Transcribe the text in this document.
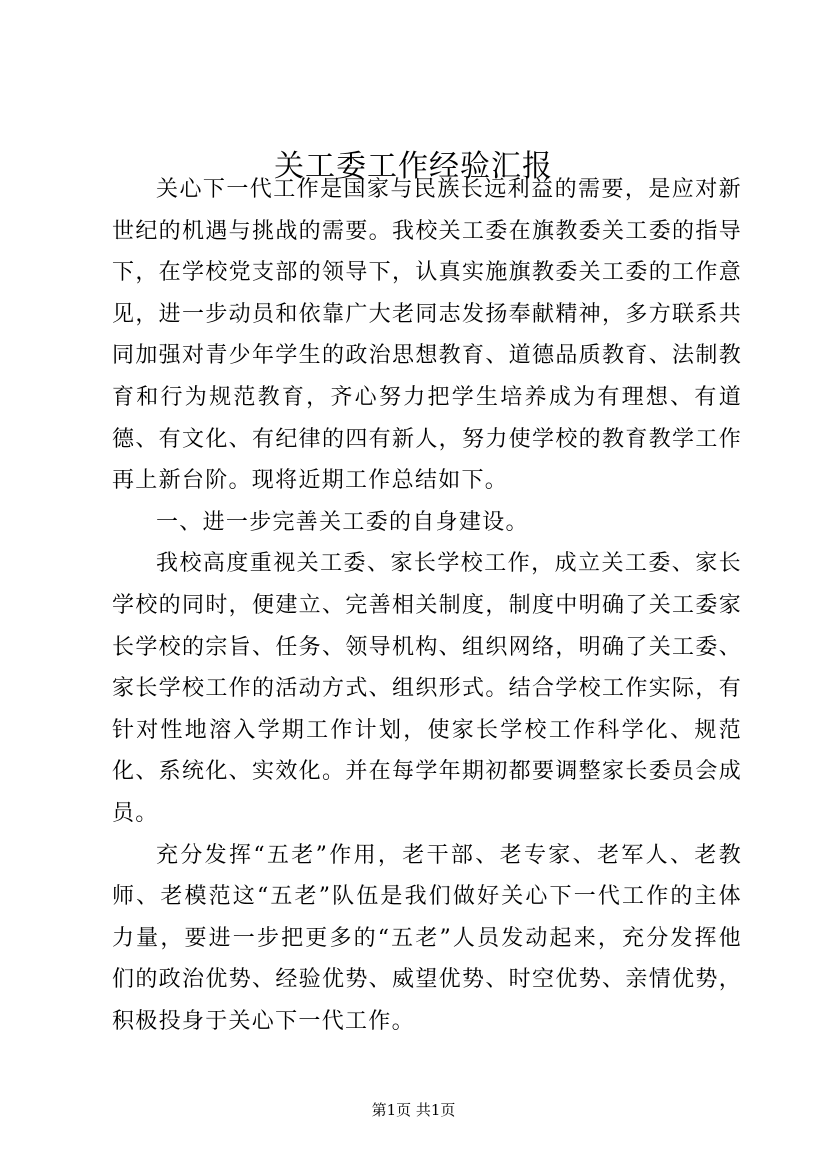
关工委工作经验汇报

关心下一代工作是国家与民族长远利益的需要，是应对新世纪的机遇与挑战的需要。我校关工委在旗教委关工委的指导下，在学校党支部的领导下，认真实施旗教委关工委的工作意见，进一步动员和依靠广大老同志发扬奉献精神，多方联系共同加强对青少年学生的政治思想教育、道德品质教育、法制教育和行为规范教育，齐心努力把学生培养成为有理想、有道德、有文化、有纪律的四有新人，努力使学校的教育教学工作再上新台阶。现将近期工作总结如下。

一、进一步完善关工委的自身建设。

我校高度重视关工委、家长学校工作，成立关工委、家长学校的同时，便建立、完善相关制度，制度中明确了关工委家长学校的宗旨、任务、领导机构、组织网络，明确了关工委、家长学校工作的活动方式、组织形式。结合学校工作实际，有针对性地溶入学期工作计划，使家长学校工作科学化、规范化、系统化、实效化。并在每学年期初都要调整家长委员会成员。

充分发挥“五老”作用，老干部、老专家、老军人、老教师、老模范这“五老”队伍是我们做好关心下一代工作的主体力量，要进一步把更多的“五老”人员发动起来，充分发挥他们的政治优势、经验优势、威望优势、时空优势、亲情优势，积极投身于关心下一代工作。

第1页 共1页
